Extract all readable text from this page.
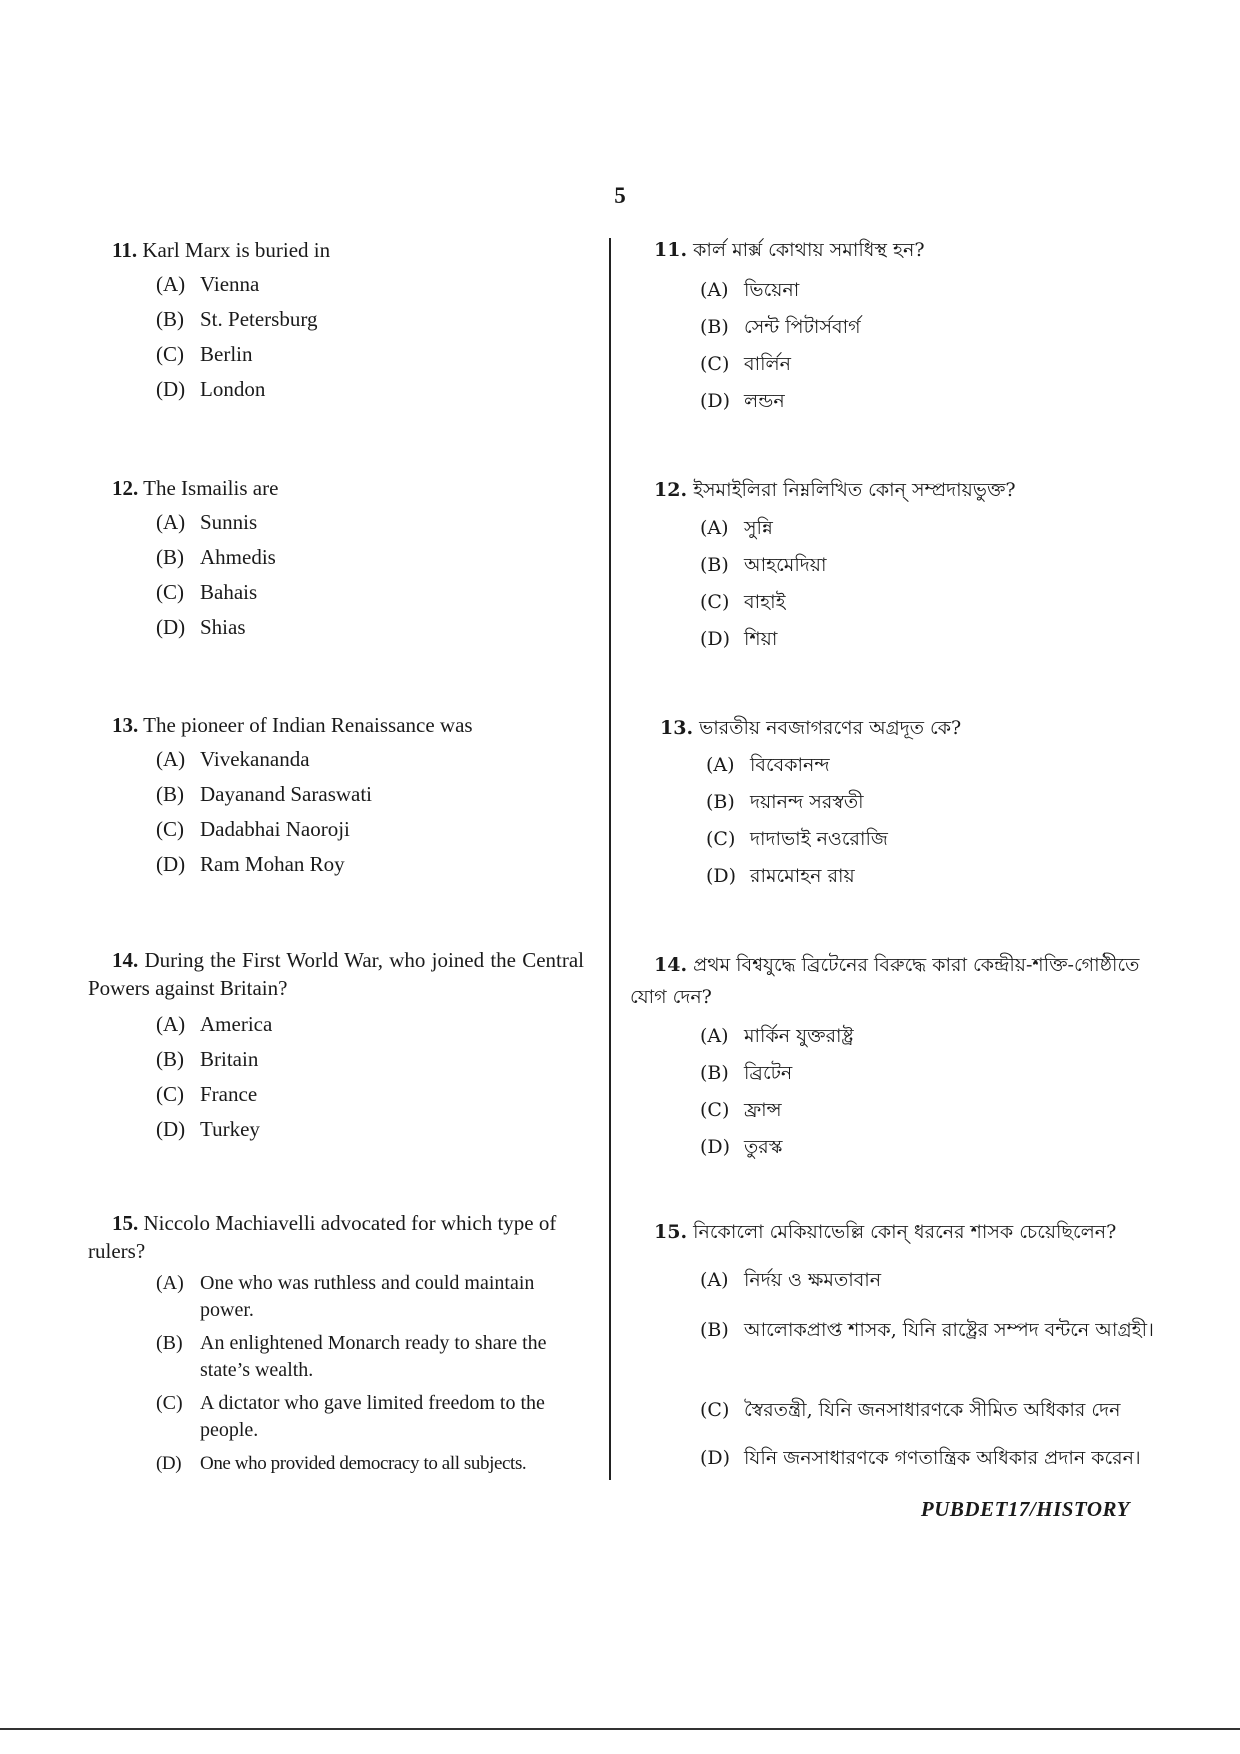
5
11. Karl Marx is buried in
(A) Vienna
(B) St. Petersburg
(C) Berlin
(D) London
12. The Ismailis are
(A) Sunnis
(B) Ahmedis
(C) Bahais
(D) Shias
13. The pioneer of Indian Renaissance was
(A) Vivekananda
(B) Dayanand Saraswati
(C) Dadabhai Naoroji
(D) Ram Mohan Roy
14. During the First World War, who joined the Central Powers against Britain?
(A) America
(B) Britain
(C) France
(D) Turkey
15. Niccolo Machiavelli advocated for which type of rulers?
(A) One who was ruthless and could maintain power.
(B) An enlightened Monarch ready to share the state’s wealth.
(C) A dictator who gave limited freedom to the people.
(D) One who provided democracy to all subjects.
11. কার্ল মার্ক্স কোথায় সমাধিস্থ হন?
(A) ভিয়েনা
(B) সেন্ট পিটার্সবার্গ
(C) বার্লিন
(D) লন্ডন
12. ইসমাইলিরা নিম্নলিখিত কোন্ সম্প্রদায়ভুক্ত?
(A) সুন্নি
(B) আহমেদিয়া
(C) বাহাই
(D) শিয়া
13. ভারতীয় নবজাগরণের অগ্রদূত কে?
(A) বিবেকানন্দ
(B) দয়ানন্দ সরস্বতী
(C) দাদাভাই নওরোজি
(D) রামমোহন রায়
14. প্রথম বিশ্বযুদ্ধে ব্রিটেনের বিরুদ্ধে কারা কেন্দ্রীয়-শক্তি-গোষ্ঠীতে যোগ দেন?
(A) মার্কিন যুক্তরাষ্ট্র
(B) ব্রিটেন
(C) ফ্রান্স
(D) তুরস্ক
15. নিকোলো মেকিয়াভেল্লি কোন্ ধরনের শাসক চেয়েছিলেন?
(A) নির্দয় ও ক্ষমতাবান
(B) আলোকপ্রাপ্ত শাসক, যিনি রাষ্ট্রের সম্পদ বন্টনে আগ্রহী।
(C) স্বৈরতন্ত্রী, যিনি জনসাধারণকে সীমিত অধিকার দেন
(D) যিনি জনসাধারণকে গণতান্ত্রিক অধিকার প্রদান করেন।
PUBDET17/HISTORY
